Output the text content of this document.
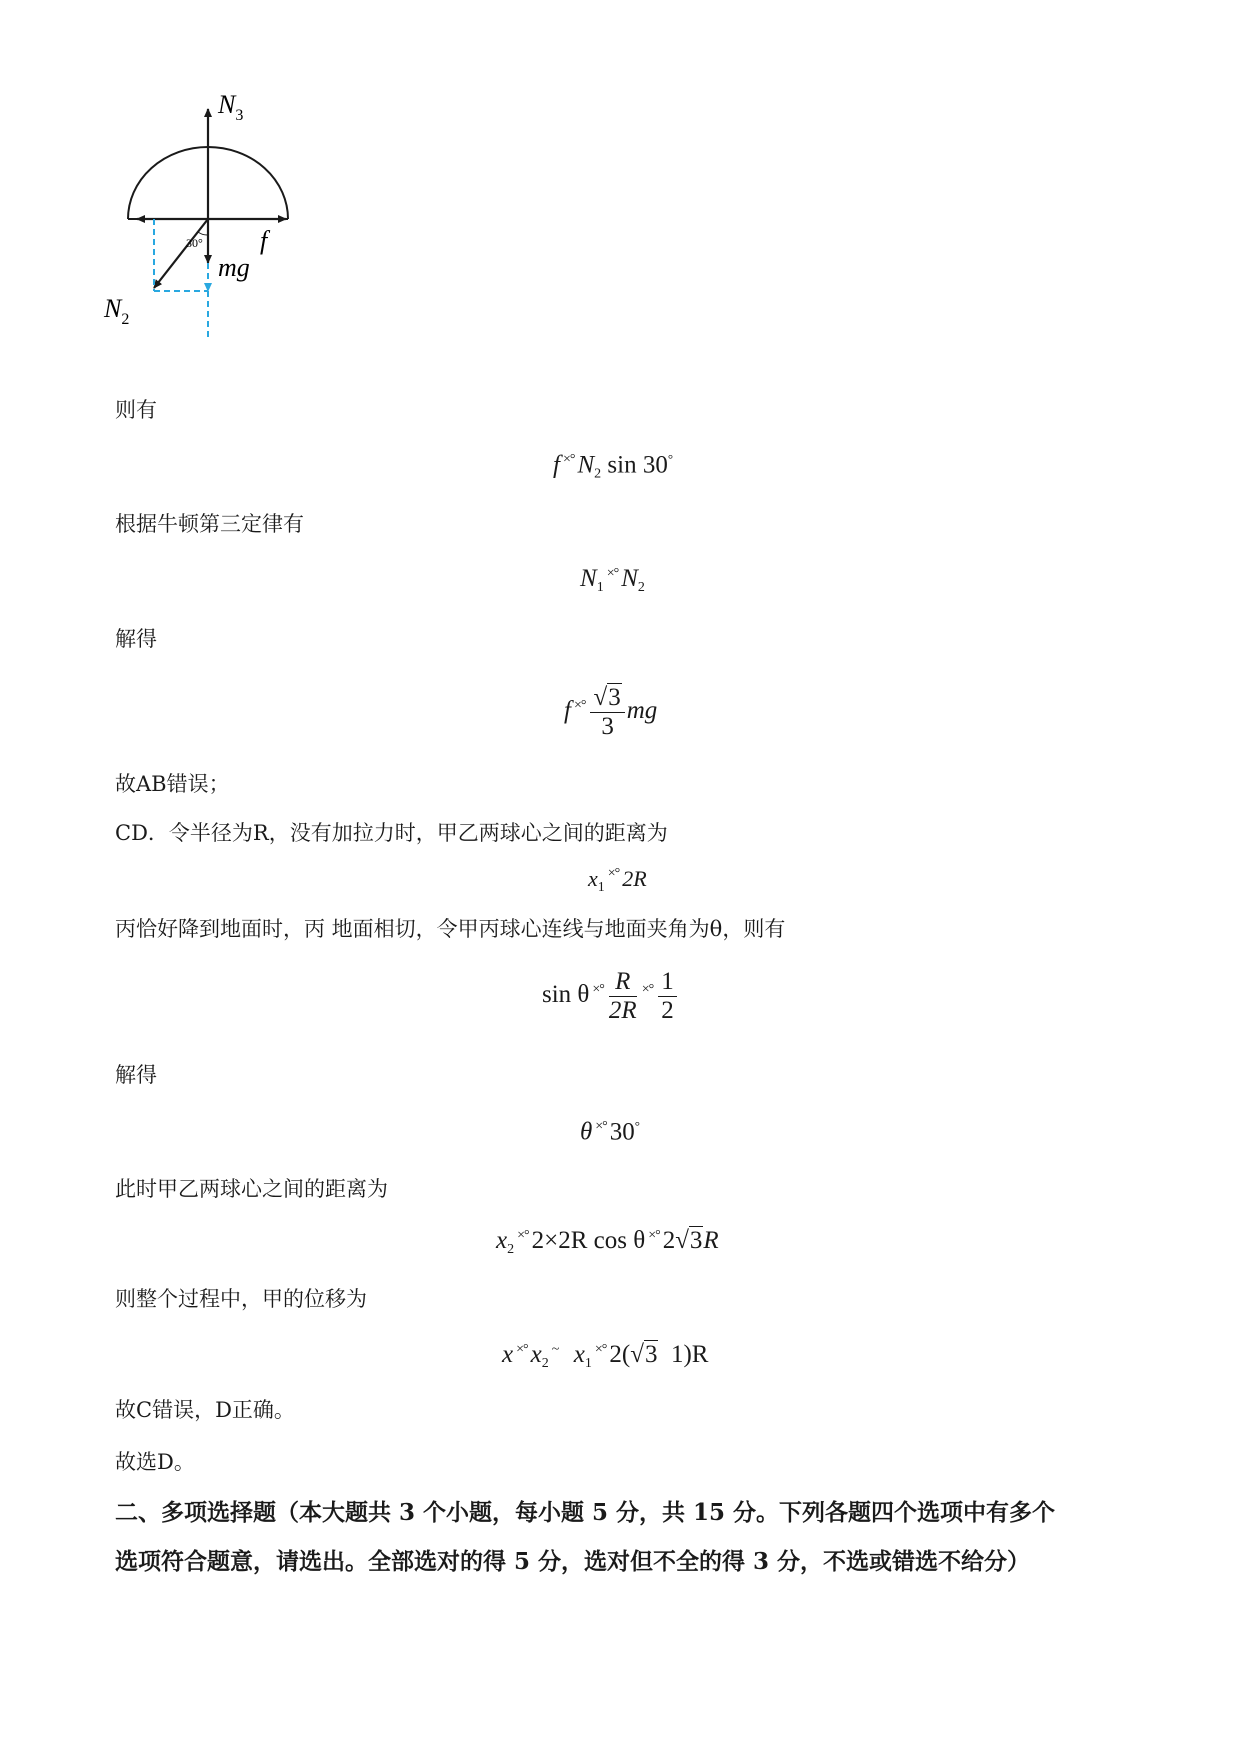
$N_3$
f
30°
mg
$N_2$
则有
f ×° $N_2$ sin 30°
根据牛顿第三定律有
$N_1^{\times^\circ}$ $N_2$
解得
f $^{\times^\circ} \frac{√3}{3}$ mg
故AB错误；
CD．令半径为R，没有加拉力时，甲乙两球心之间的距离为
$x_1^{\times^\circ}$ 2R
丙恰好降到地面时，丙 地面相切，令甲丙球心连线与地面夹角为θ，则有
sin θ $^{\times^\circ} \frac{R}{2R} ^{\times^\circ} \frac{1}{2}$
解得
θ ×° 30°
此时甲乙两球心之间的距离为
$x_2^{\times^\circ}$ 2×2R cos θ ×° 2√3R
则整个过程中，甲的位移为
x ×° $x_2^\sim$ $x_1^{\times^\circ}$ 2(√3  1)R
故C错误，D正确。
故选D。
二、多项选择题（本大题共 3 个小题，每小题 5 分，共 15 分。下列各题四个选项中有多个
选项符合题意，请选出。全部选对的得 5 分，选对但不全的得 3 分，不选或错选不给分）
